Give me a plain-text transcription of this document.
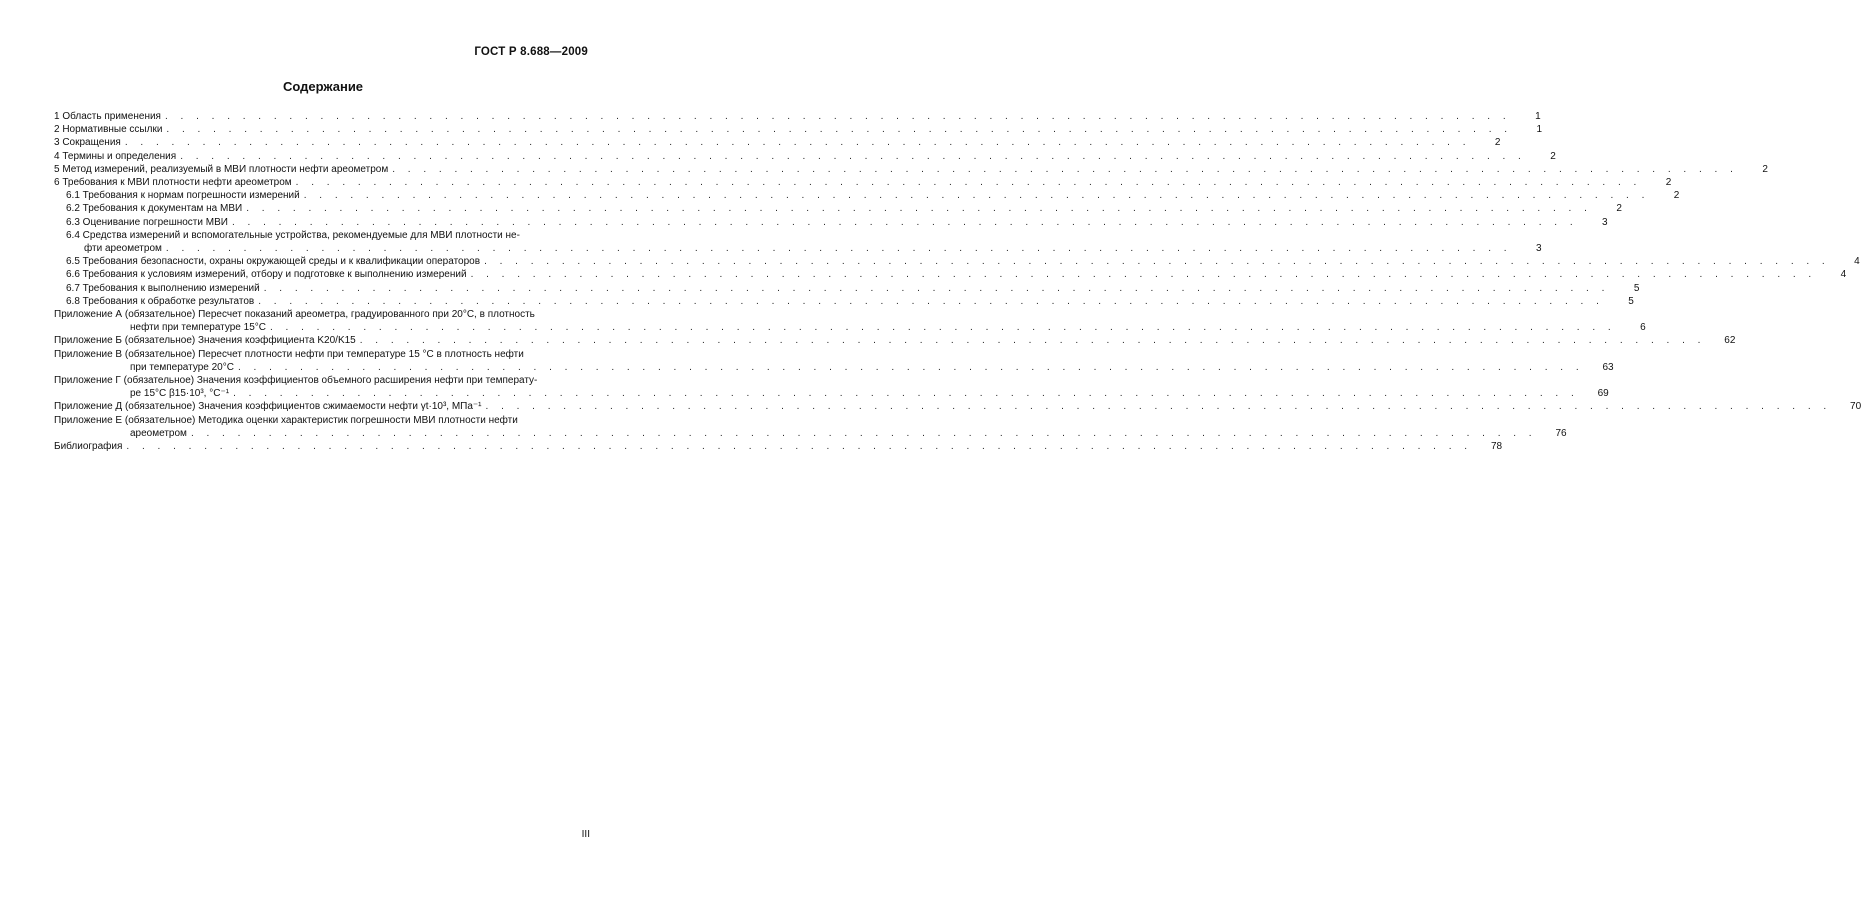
ГОСТ Р 8.688—2009
Содержание
1 Область применения . . . . . . . . . . . . . . . . . . . . . . . . . . . . . . . . . . . . . . . . . . . . . . . . . . . . . . . . . . . . . . . . . . . . . . . . . . . . . . . . . . . . . . .	1
2 Нормативные ссылки . . . . . . . . . . . . . . . . . . . . . . . . . . . . . . . . . . . . . . . . . . . . . . . . . . . . . . . . . . . . . . . . . . . . . . . . . . . . . . . . . . . . . . .	1
3 Сокращения . . . . . . . . . . . . . . . . . . . . . . . . . . . . . . . . . . . . . . . . . . . . . . . . . . . . . . . . . . . . . . . . . . . . . . . . . . . . . . . . . . . . . . .	2
4 Термины и определения . . . . . . . . . . . . . . . . . . . . . . . . . . . . . . . . . . . . . . . . . . . . . . . . . . . . . . . . . . . . . . . . . . . . . . . . . . . . . . . . . . . . . . .	2
5 Метод измерений, реализуемый в МВИ плотности нефти ареометром . . . . . . . . . . . . . . . . . . . . . . . . . . . . . . . . . . . . . . . . . . . . . . . . . . . . . . . . . . . . . . . . . . . . . . . . . . . . . . . . . . . . . . .	2
6 Требования к МВИ плотности нефти ареометром . . . . . . . . . . . . . . . . . . . . . . . . . . . . . . . . . . . . . . . . . . . . . . . . . . . . . . . . . . . . . . . . . . . . . . . . . . . . . . . . . . . . . . .	2
6.1 Требования к нормам погрешности измерений . . . . . . . . . . . . . . . . . . . . . . . . . . . . . . . . . . . . . . . . . . . . . . . . . . . . . . . . . . . . . . . . . . . . . . . . . . . . . . . . . . . . . . .	2
6.2 Требования к документам на МВИ . . . . . . . . . . . . . . . . . . . . . . . . . . . . . . . . . . . . . . . . . . . . . . . . . . . . . . . . . . . . . . . . . . . . . . . . . . . . . . . . . . . . . . .	2
6.3 Оценивание погрешности МВИ . . . . . . . . . . . . . . . . . . . . . . . . . . . . . . . . . . . . . . . . . . . . . . . . . . . . . . . . . . . . . . . . . . . . . . . . . . . . . . . . . . . . . . .	3
6.4 Средства измерений и вспомогательные устройства, рекомендуемые для МВИ плотности не-
фти ареометром . . . . . . . . . . . . . . . . . . . . . . . . . . . . . . . . . . . . . . . . . . . . . . . . . . . . . . . . . . . . . . . . . . . . . . . . . . . . . . . . . . . . . . .	3
6.5 Требования безопасности, охраны окружающей среды и к квалификации операторов . . . . . . . . . . . . . . . . . . . . . . . . . . . . . . . . . . . . . . . . . . . . . . . . . . . . . . . . . . . . . . . . . . . . . . . . . . . . . . . . . . . . . . .	4
6.6 Требования к условиям измерений, отбору и подготовке к выполнению измерений . . . . . . . . . . . . . . . . . . . . . . . . . . . . . . . . . . . . . . . . . . . . . . . . . . . . . . . . . . . . . . . . . . . . . . . . . . . . . . . . . . . . . . .	4
6.7 Требования к выполнению измерений . . . . . . . . . . . . . . . . . . . . . . . . . . . . . . . . . . . . . . . . . . . . . . . . . . . . . . . . . . . . . . . . . . . . . . . . . . . . . . . . . . . . . . .	5
6.8 Требования к обработке результатов . . . . . . . . . . . . . . . . . . . . . . . . . . . . . . . . . . . . . . . . . . . . . . . . . . . . . . . . . . . . . . . . . . . . . . . . . . . . . . . . . . . . . . .	5
Приложение А (обязательное) Пересчет показаний ареометра, градуированного при 20°С, в плотность
нефти при температуре 15°С . . . . . . . . . . . . . . . . . . . . . . . . . . . . . . . . . . . . . . . . . . . . . . . . . . . . . . . . . . . . . . . . . . . . . . . . . . . . . . . . . . . . . . .	6
Приложение Б (обязательное) Значения коэффициента K20/K15 . . . . . . . . . . . . . . . . . . . . . . . . . . . . . . . . . . . . . . . . . . . . . . . . . . . . . . . . . . . . . . . . . . . . . . . . . . . . . . . . . . . . . . .	62
Приложение В (обязательное) Пересчет плотности нефти при температуре 15 °С в плотность нефти
при температуре 20°С . . . . . . . . . . . . . . . . . . . . . . . . . . . . . . . . . . . . . . . . . . . . . . . . . . . . . . . . . . . . . . . . . . . . . . . . . . . . . . . . . . . . . . .	63
Приложение Г (обязательное) Значения коэффициентов объемного расширения нефти при температу-
ре 15°С β15·10³, °С⁻¹ . . . . . . . . . . . . . . . . . . . . . . . . . . . . . . . . . . . . . . . . . . . . . . . . . . . . . . . . . . . . . . . . . . . . . . . . . . . . . . . . . . . . . . .	69
Приложение Д (обязательное) Значения коэффициентов сжимаемости нефти γt·10³, МПа⁻¹ . . . . . . . . . . . . . . . . . . . . . . . . . . . . . . . . . . . . . . . . . . . . . . . . . . . . . . . . . . . . . . . . . . . . . . . . . . . . . . . . . . . . . . .	70
Приложение Е (обязательное) Методика оценки характеристик погрешности МВИ плотности нефти
ареометром . . . . . . . . . . . . . . . . . . . . . . . . . . . . . . . . . . . . . . . . . . . . . . . . . . . . . . . . . . . . . . . . . . . . . . . . . . . . . . . . . . . . . . .	76
Библиография . . . . . . . . . . . . . . . . . . . . . . . . . . . . . . . . . . . . . . . . . . . . . . . . . . . . . . . . . . . . . . . . . . . . . . . . . . . . . . . . . . . . . . .	78
III
